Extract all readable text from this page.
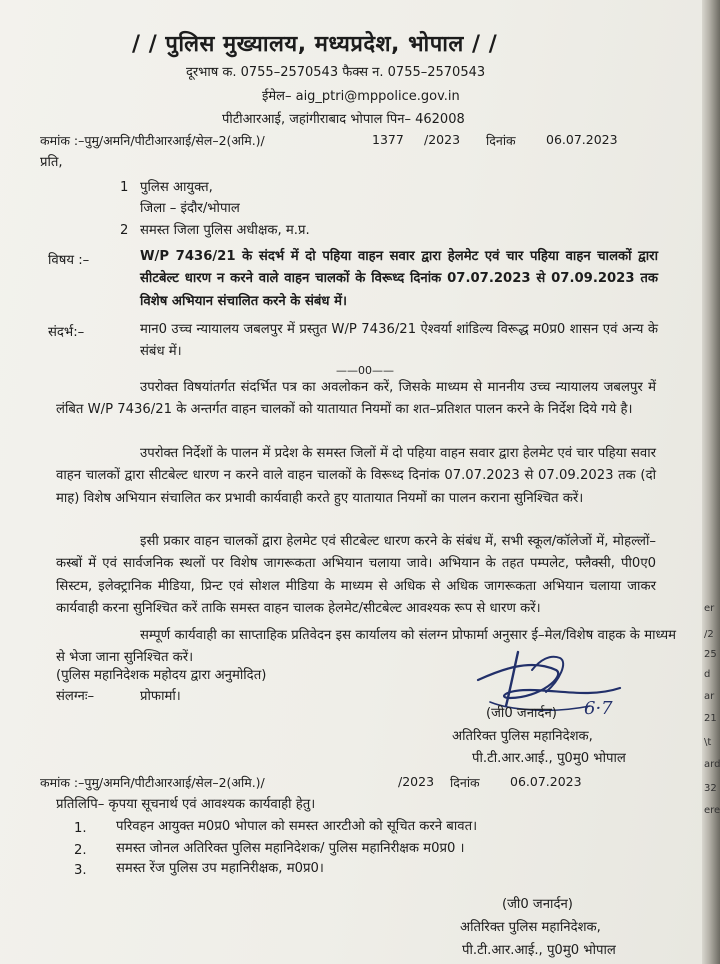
/ / पुलिस मुख्यालय, मध्यप्रदेश, भोपाल / /
दूरभाष क. 0755–2570543 फैक्स न. 0755–2570543
ईमेल– aig_ptri@mppolice.gov.in
पीटीआरआई, जहांगीराबाद भोपाल पिन– 462008
कमांक :–पुमु/अमनि/पीटीआरआई/सेल–2(अमि.)/	1377 /2023 दिनांक 06.07.2023
प्रति,
1 पुलिस आयुक्त,
जिला – इंदौर/भोपाल
2 समस्त जिला पुलिस अधीक्षक, म.प्र.
विषय :–	W/P 7436/21 के संदर्भ में दो पहिया वाहन सवार द्वारा हेलमेट एवं चार पहिया वाहन चालकों द्वारा सीटबेल्ट धारण न करने वाले वाहन चालकों के विरूध्द दिनांक 07.07.2023 से 07.09.2023 तक विशेष अभियान संचालित करने के संबंध में।
संदर्भ:–	मान0 उच्च न्यायालय जबलपुर में प्रस्तुत W/P 7436/21 ऐश्वर्या शांडिल्य विरूद्ध म0प्र0 शासन एवं अन्य के संबंध में।
——00——
उपरोक्त विषयांतर्गत संदर्भित पत्र का अवलोकन करें, जिसके माध्यम से माननीय उच्च न्यायालय जबलपुर में लंबित W/P 7436/21 के अन्तर्गत वाहन चालकों को यातायात नियमों का शत–प्रतिशत पालन करने के निर्देश दिये गये है।
उपरोक्त निर्देशों के पालन में प्रदेश के समस्त जिलों में दो पहिया वाहन सवार द्वारा हेलमेट एवं चार पहिया सवार वाहन चालकों द्वारा सीटबेल्ट धारण न करने वाले वाहन चालकों के विरूध्द दिनांक 07.07.2023 से 07.09.2023 तक (दो माह) विशेष अभियान संचालित कर प्रभावी कार्यवाही करते हुए यातायात नियमों का पालन कराना सुनिश्चित करें।
इसी प्रकार वाहन चालकों द्वारा हेलमेट एवं सीटबेल्ट धारण करने के संबंध में, सभी स्कूल/कॉलेजों में, मोहल्लों–कस्बों में एवं सार्वजनिक स्थलों पर विशेष जागरूकता अभियान चलाया जावे। अभियान के तहत पम्पलेट, फ्लैक्सी, पी0ए0 सिस्टम, इलेक्ट्रानिक मीडिया, प्रिन्ट एवं सोशल मीडिया के माध्यम से अधिक से अधिक जागरूकता अभियान चलाया जाकर कार्यवाही करना सुनिश्चित करें ताकि समस्त वाहन चालक हेलमेट/सीटबेल्ट आवश्यक रूप से धारण करें।
सम्पूर्ण कार्यवाही का साप्ताहिक प्रतिवेदन इस कार्यालय को संलग्न प्रोफार्मा अनुसार ई–मेल/विशेष वाहक के माध्यम से भेजा जाना सुनिश्चित करें।
(पुलिस महानिदेशक महोदय द्वारा अनुमोदित)
संलग्नः–	प्रोफार्मा।
(जी0 जनार्दन) 6·7
अतिरिक्त पुलिस महानिदेशक,
पी.टी.आर.आई., पु0मु0 भोपाल
कमांक :–पुमु/अमनि/पीटीआरआई/सेल–2(अमि.)/	/2023 दिनांक 06.07.2023
प्रतिलिपि– कृपया सूचनार्थ एवं आवश्यक कार्यवाही हेतु।
1. परिवहन आयुक्त म0प्र0 भोपाल को समस्त आरटीओ को सूचित करने बावत।
2. समस्त जोनल अतिरिक्त पुलिस महानिदेशक/ पुलिस महानिरीक्षक म0प्र0 ।
3. समस्त रेंज पुलिस उप महानिरीक्षक, म0प्र0।
(जी0 जनार्दन)
अतिरिक्त पुलिस महानिदेशक,
पी.टी.आर.आई., पु0मु0 भोपाल
er
/2
25
d
ar
21
\t
ard
32
ere
